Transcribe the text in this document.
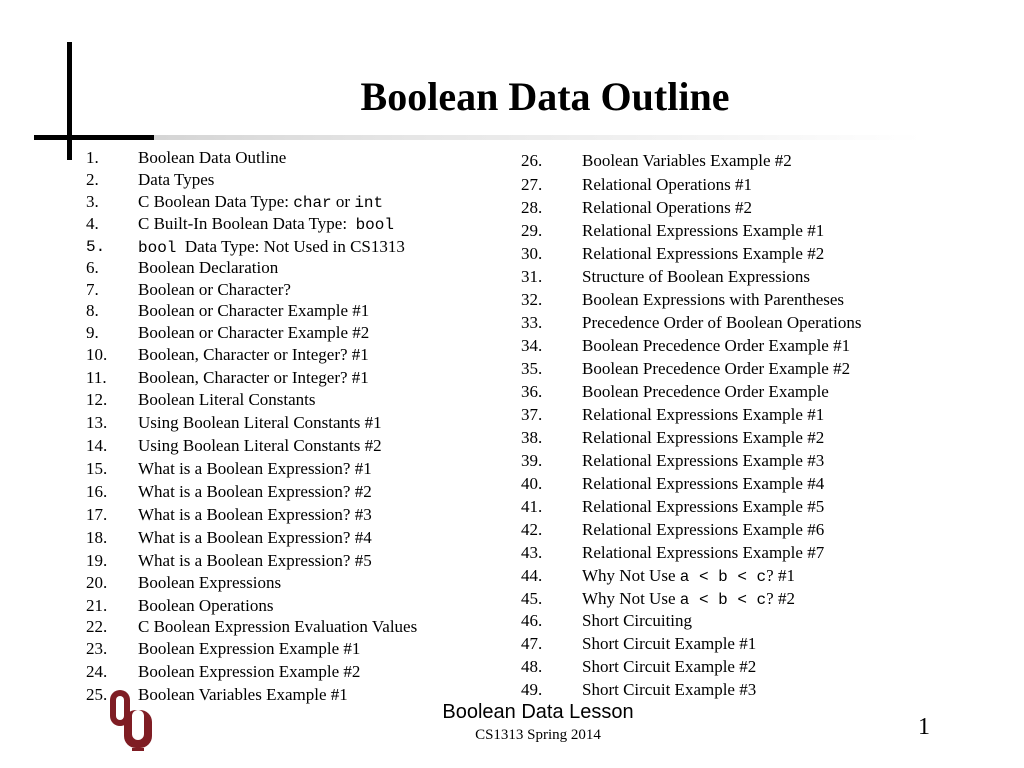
Boolean Data Outline
1. Boolean Data Outline
2. Data Types
3. C Boolean Data Type: char or int
4. C Built-In Boolean Data Type:  bool
5. bool  Data Type: Not Used in CS1313
6. Boolean Declaration
7. Boolean or Character?
8. Boolean or Character Example #1
9. Boolean or Character Example #2
10. Boolean, Character or Integer? #1
11. Boolean, Character or Integer? #1
12. Boolean Literal Constants
13. Using Boolean Literal Constants #1
14. Using Boolean Literal Constants #2
15. What is a Boolean Expression? #1
16. What is a Boolean Expression? #2
17. What is a Boolean Expression? #3
18. What is a Boolean Expression? #4
19. What is a Boolean Expression? #5
20. Boolean Expressions
21. Boolean Operations
22. C Boolean Expression Evaluation Values
23. Boolean Expression Example #1
24. Boolean Expression Example #2
25. Boolean Variables Example #1
26. Boolean Variables Example #2
27. Relational Operations #1
28. Relational Operations #2
29. Relational Expressions Example #1
30. Relational Expressions Example #2
31. Structure of Boolean Expressions
32. Boolean Expressions with Parentheses
33. Precedence Order of Boolean Operations
34. Boolean Precedence Order Example #1
35. Boolean Precedence Order Example #2
36. Boolean Precedence Order Example
37. Relational Expressions Example #1
38. Relational Expressions Example #2
39. Relational Expressions Example #3
40. Relational Expressions Example #4
41. Relational Expressions Example #5
42. Relational Expressions Example #6
43. Relational Expressions Example #7
44. Why Not Use a < b < c? #1
45. Why Not Use a < b < c? #2
46. Short Circuiting
47. Short Circuit Example #1
48. Short Circuit Example #2
49. Short Circuit Example #3
Boolean Data Lesson
CS1313 Spring 2014	1
